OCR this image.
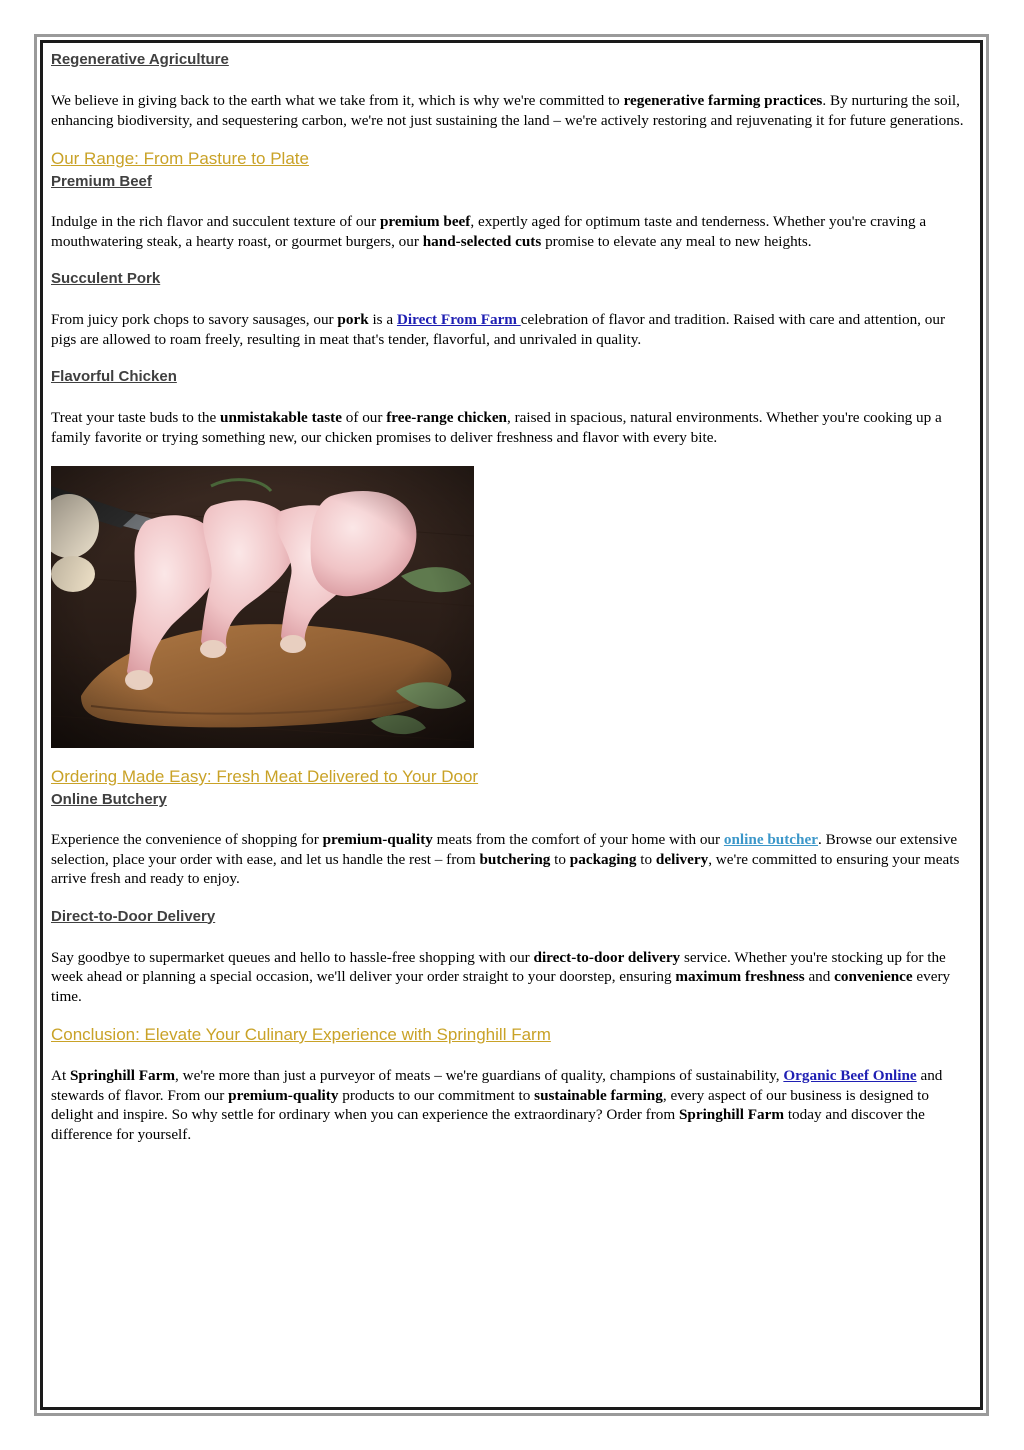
Regenerative Agriculture

We believe in giving back to the earth what we take from it, which is why we're committed to regenerative farming practices. By nurturing the soil, enhancing biodiversity, and sequestering carbon, we're not just sustaining the land – we're actively restoring and rejuvenating it for future generations.

Our Range: From Pasture to Plate
Premium Beef

Indulge in the rich flavor and succulent texture of our premium beef, expertly aged for optimum taste and tenderness. Whether you're craving a mouthwatering steak, a hearty roast, or gourmet burgers, our hand-selected cuts promise to elevate any meal to new heights.

Succulent Pork

From juicy pork chops to savory sausages, our pork is a Direct From Farm celebration of flavor and tradition. Raised with care and attention, our pigs are allowed to roam freely, resulting in meat that's tender, flavorful, and unrivaled in quality.

Flavorful Chicken

Treat your taste buds to the unmistakable taste of our free-range chicken, raised in spacious, natural environments. Whether you're cooking up a family favorite or trying something new, our chicken promises to deliver freshness and flavor with every bite.

Ordering Made Easy: Fresh Meat Delivered to Your Door
Online Butchery

Experience the convenience of shopping for premium-quality meats from the comfort of your home with our online butcher. Browse our extensive selection, place your order with ease, and let us handle the rest – from butchering to packaging to delivery, we're committed to ensuring your meats arrive fresh and ready to enjoy.

Direct-to-Door Delivery

Say goodbye to supermarket queues and hello to hassle-free shopping with our direct-to-door delivery service. Whether you're stocking up for the week ahead or planning a special occasion, we'll deliver your order straight to your doorstep, ensuring maximum freshness and convenience every time.

Conclusion: Elevate Your Culinary Experience with Springhill Farm

At Springhill Farm, we're more than just a purveyor of meats – we're guardians of quality, champions of sustainability, Organic Beef Online and stewards of flavor. From our premium-quality products to our commitment to sustainable farming, every aspect of our business is designed to delight and inspire. So why settle for ordinary when you can experience the extraordinary? Order from Springhill Farm today and discover the difference for yourself.
